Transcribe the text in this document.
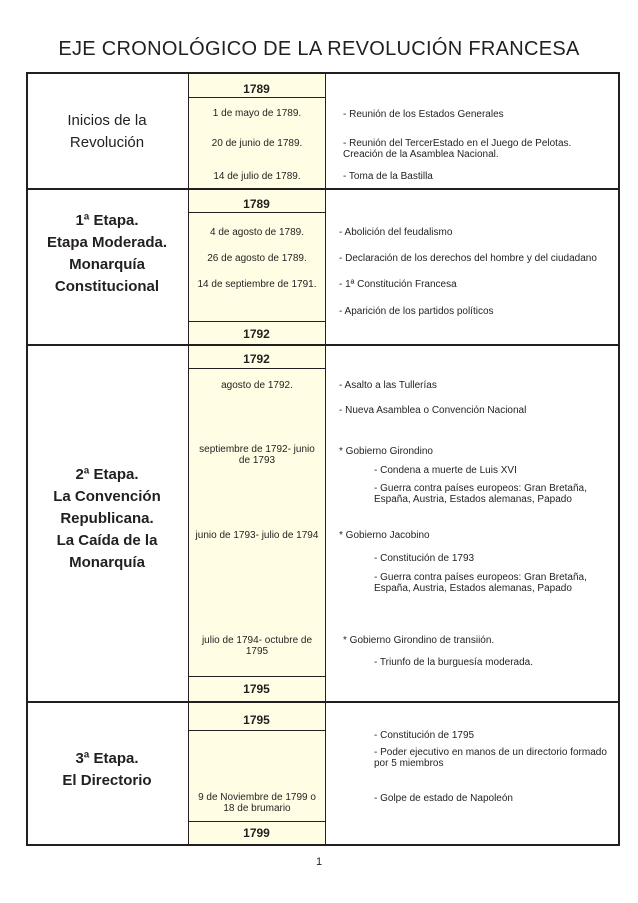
EJE CRONOLÓGICO DE LA REVOLUCIÓN FRANCESA
1789
Inicios de la
Revolución
1 de mayo de 1789.
20 de junio de 1789.
14 de julio de 1789.
- Reunión de los Estados Generales
- Reunión del TercerEstado en el Juego de Pelotas.
Creación de la Asamblea Nacional.
- Toma de la Bastilla
1789
1792
1ª Etapa.
Etapa Moderada.
Monarquía
Constitucional
4 de agosto de 1789.
26 de agosto de 1789.
14 de septiembre de 1791.
- Abolición del feudalismo
- Declaración de los derechos del hombre y del ciudadano
- 1ª Constitución Francesa
- Aparición de los partidos políticos
1792
1795
2ª Etapa.
La Convención
Republicana.
La Caída de la
Monarquía
agosto de 1792.
septiembre de 1792- junio
de 1793
junio de 1793- julio de 1794
julio de 1794- octubre de
1795
- Asalto a las Tullerías
- Nueva Asamblea o Convención Nacional
* Gobierno Girondino
- Condena a muerte de Luis XVI
- Guerra contra países europeos: Gran Bretaña,
España, Austria, Estados alemanas, Papado
* Gobierno Jacobino
- Constitución de 1793
- Guerra contra países europeos: Gran Bretaña,
España, Austria, Estados alemanas, Papado
* Gobierno Girondino de transiión.
- Triunfo de la burguesía moderada.
1795
1799
3ª Etapa.
El Directorio
9 de Noviembre de 1799 o
18 de brumario
- Constitución de 1795
- Poder ejecutivo en manos de un directorio formado
por 5 miembros
- Golpe de estado de Napoleón
1
